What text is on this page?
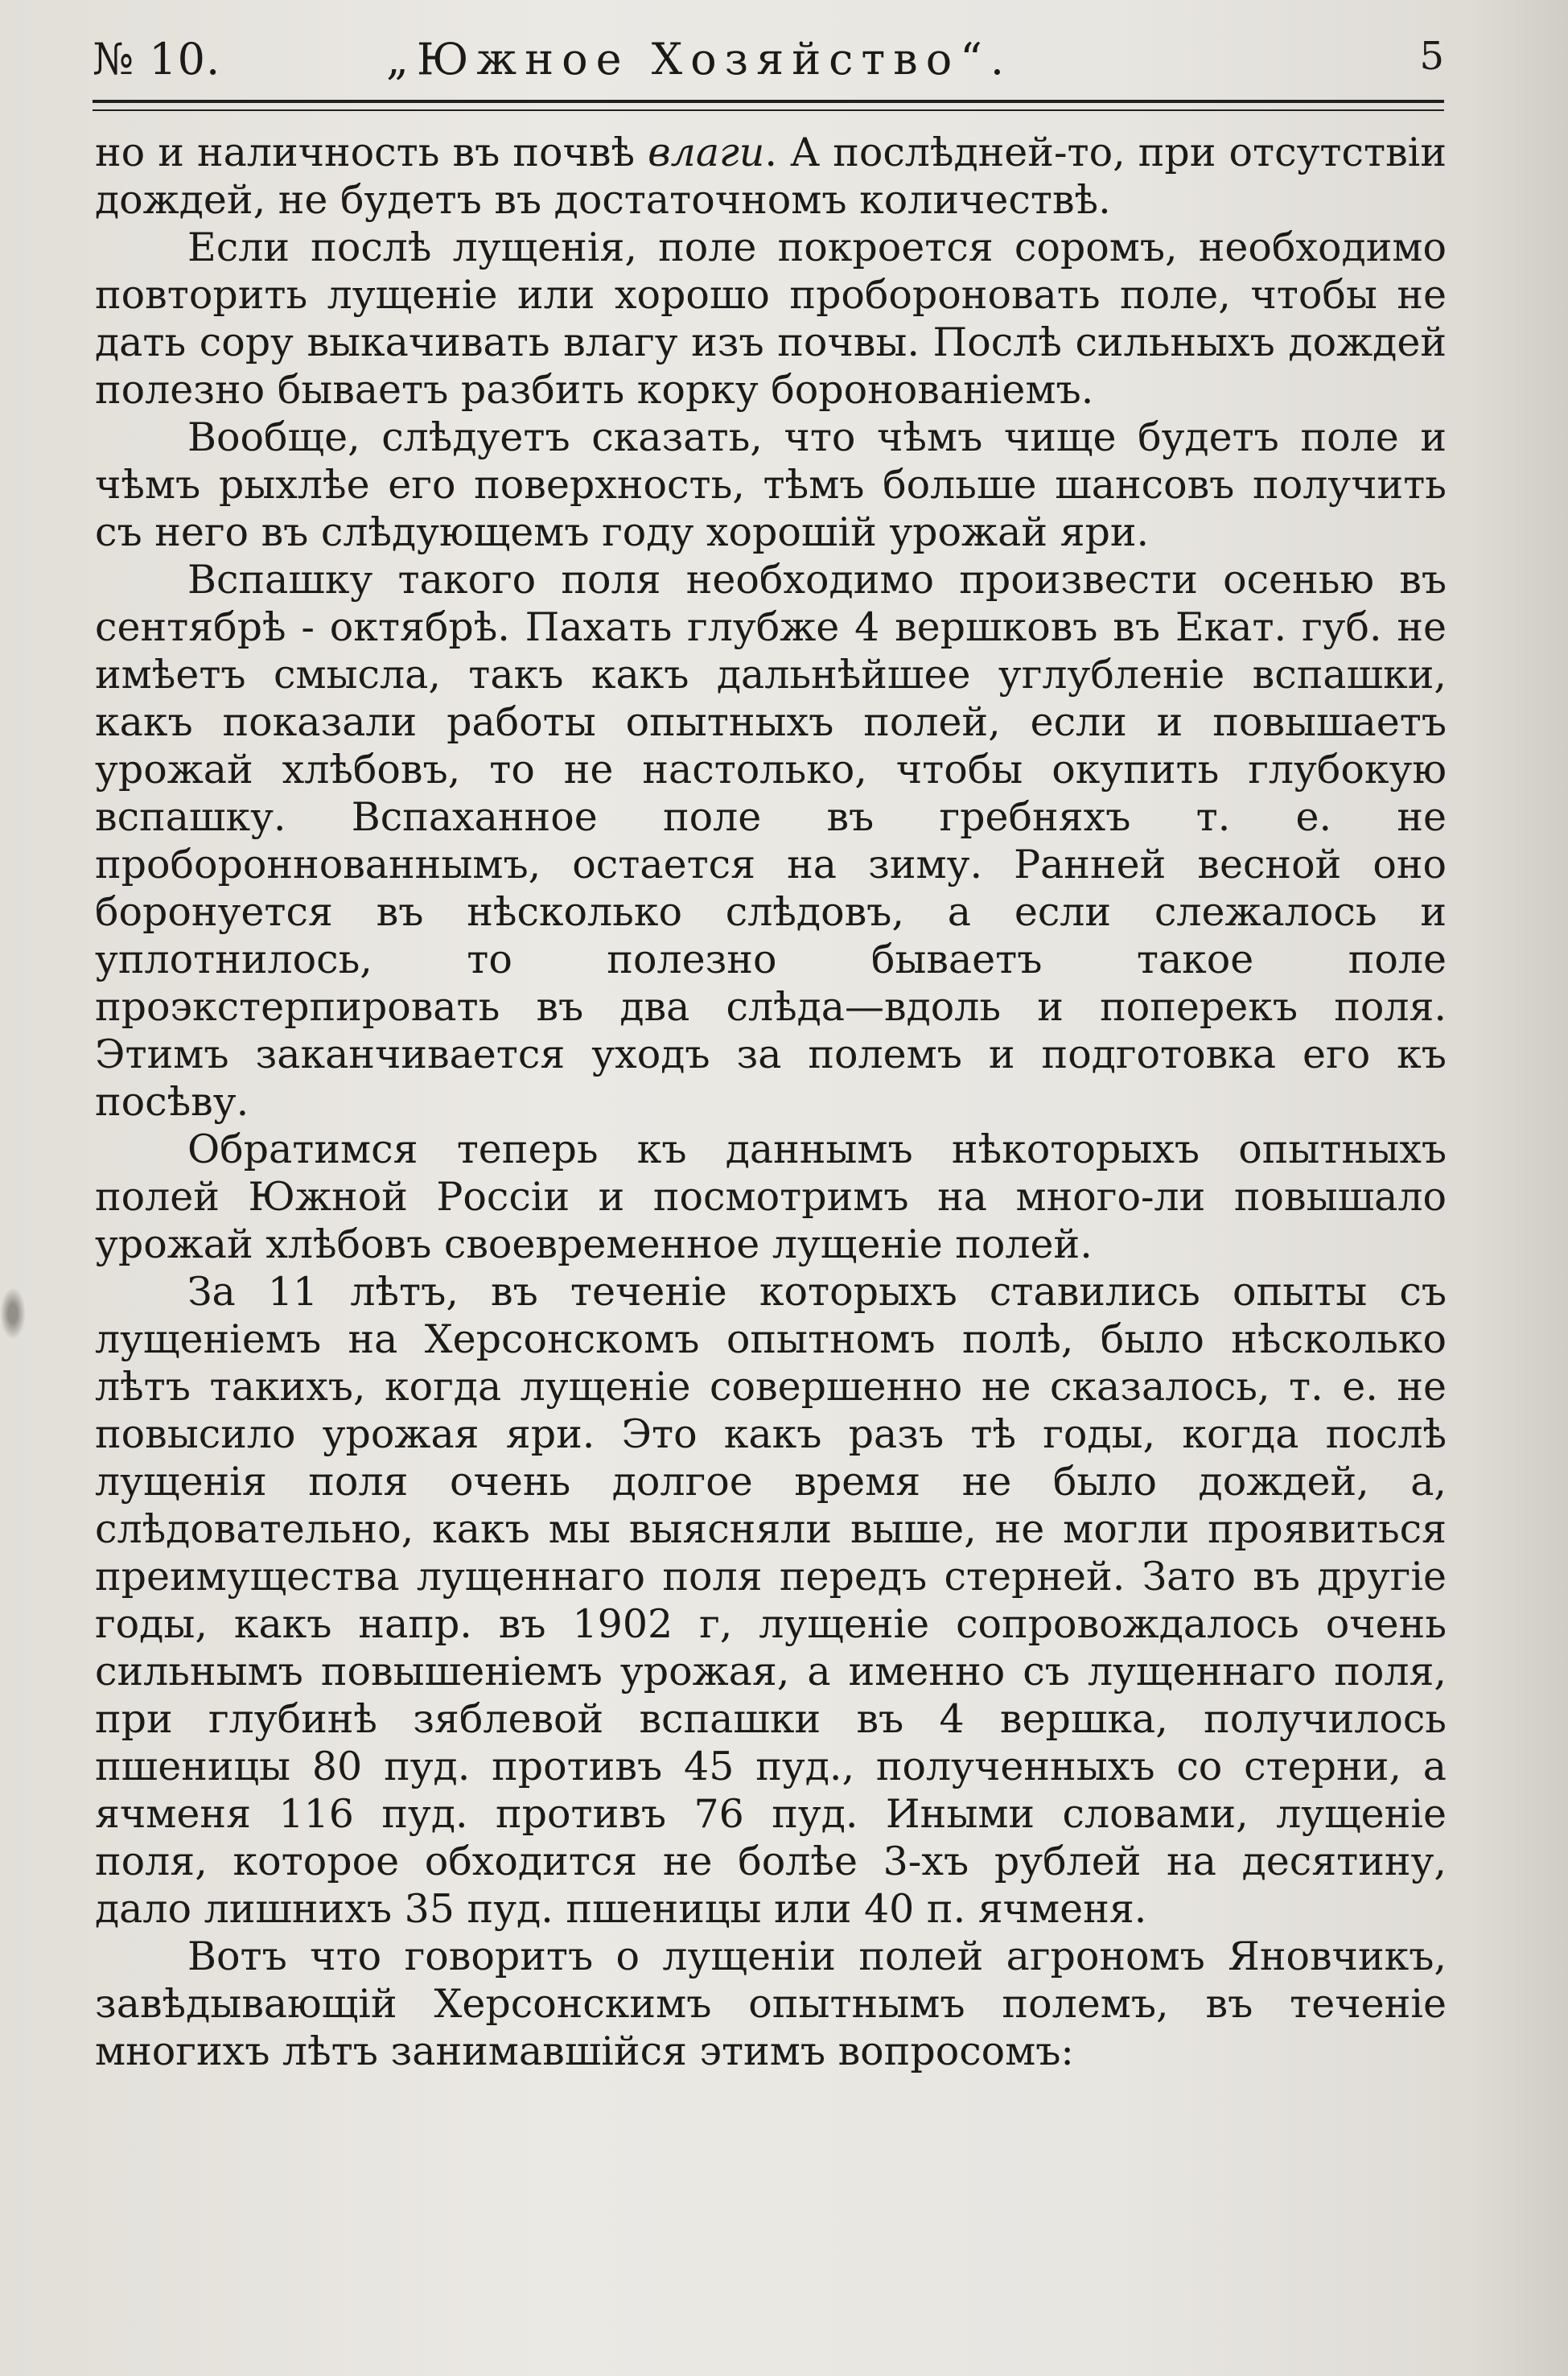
№ 10.	„Южное Хозяйство“.	5

но и наличность въ почвѣ влаги. А послѣдней-то, при отсутствіи дождей, не будетъ въ достаточномъ количествѣ.

Если послѣ лущенія, поле покроется соромъ, необходимо повторить лущеніе или хорошо пробороновать поле, чтобы не дать сору выкачивать влагу изъ почвы. Послѣ сильныхъ дождей полезно бываетъ разбить корку боронованіемъ.

Вообще, слѣдуетъ сказать, что чѣмъ чище будетъ поле и чѣмъ рыхлѣе его поверхность, тѣмъ больше шансовъ получить съ него въ слѣдующемъ году хорошій урожай яри.

Вспашку такого поля необходимо произвести осенью въ сентябрѣ - октябрѣ. Пахать глубже 4 вершковъ въ Екат. губ. не имѣетъ смысла, такъ какъ дальнѣйшее углубленіе вспашки, какъ показали работы опытныхъ полей, если и повышаетъ урожай хлѣбовъ, то не настолько, чтобы окупить глубокую вспашку. Вспаханное поле въ гребняхъ т. е. не пробороннованнымъ, остается на зиму. Ранней весной оно боронуется въ нѣсколько слѣдовъ, а если слежалось и уплотнилось, то полезно бываетъ такое поле проэкстерпировать въ два слѣда—вдоль и поперекъ поля. Этимъ заканчивается уходъ за полемъ и подготовка его къ посѣву.

Обратимся теперь къ даннымъ нѣкоторыхъ опытныхъ полей Южной Россіи и посмотримъ на много-ли повышало урожай хлѣбовъ своевременное лущеніе полей.

За 11 лѣтъ, въ теченіе которыхъ ставились опыты съ лущеніемъ на Херсонскомъ опытномъ полѣ, было нѣсколько лѣтъ такихъ, когда лущеніе совершенно не сказалось, т. е. не повысило урожая яри. Это какъ разъ тѣ годы, когда послѣ лущенія поля очень долгое время не было дождей, а, слѣдовательно, какъ мы выясняли выше, не могли проявиться преимущества лущеннаго поля передъ стерней. Зато въ другіе годы, какъ напр. въ 1902 г, лущеніе сопровождалось очень сильнымъ повышеніемъ урожая, а именно съ лущеннаго поля, при глубинѣ зяблевой вспашки въ 4 вершка, получилось пшеницы 80 пуд. противъ 45 пуд., полученныхъ со стерни, а ячменя 116 пуд. противъ 76 пуд. Иными словами, лущеніе поля, которое обходится не болѣе 3-хъ рублей на десятину, дало лишнихъ 35 пуд. пшеницы или 40 п. ячменя.

Вотъ что говоритъ о лущеніи полей агрономъ Яновчикъ, завѣдывающій Херсонскимъ опытнымъ полемъ, въ теченіе многихъ лѣтъ занимавшійся этимъ вопросомъ:
